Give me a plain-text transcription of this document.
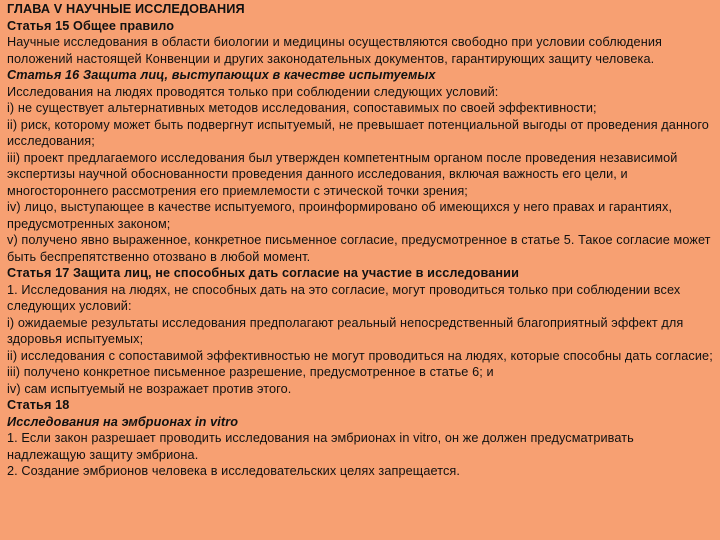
ГЛАВА V НАУЧНЫЕ ИССЛЕДОВАНИЯ

Статья 15 Общее правило

Научные исследования в области биологии и медицины осуществляются свободно при условии соблюдения положений настоящей Конвенции и других законодательных документов, гарантирующих защиту человека.

Статья 16 Защита лиц, выступающих в качестве испытуемых

Исследования на людях проводятся только при соблюдении следующих условий:

i) не существует альтернативных методов исследования, сопоставимых по своей эффективности;

ii) риск, которому может быть подвергнут испытуемый, не превышает потенциальной выгоды от проведения данного исследования;

iii) проект предлагаемого исследования был утвержден компетентным органом после проведения независимой экспертизы научной обоснованности проведения данного исследования, включая важность его цели, и многостороннего рассмотрения его приемлемости с этической точки зрения;

iv) лицо, выступающее в качестве испытуемого, проинформировано об имеющихся у него правах и гарантиях, предусмотренных законом;

v) получено явно выраженное, конкретное письменное согласие, предусмотренное в статье 5. Такое согласие может быть беспрепятственно отозвано в любой момент.

Статья 17 Защита лиц, не способных дать согласие на участие в исследовании

1. Исследования на людях, не способных дать на это согласие, могут проводиться только при соблюдении всех следующих условий:

i) ожидаемые результаты исследования предполагают реальный непосредственный благоприятный эффект для здоровья испытуемых;

ii) исследования с сопоставимой эффективностью не могут проводиться на людях, которые способны дать согласие;

iii) получено конкретное письменное разрешение, предусмотренное в статье 6; и

iv) сам испытуемый не возражает против этого.

Статья 18

Исследования на эмбрионах in vitro

1. Если закон разрешает проводить исследования на эмбрионах in vitro, он же должен предусматривать надлежащую защиту эмбриона.

2. Создание эмбрионов человека в исследовательских целях запрещается.
